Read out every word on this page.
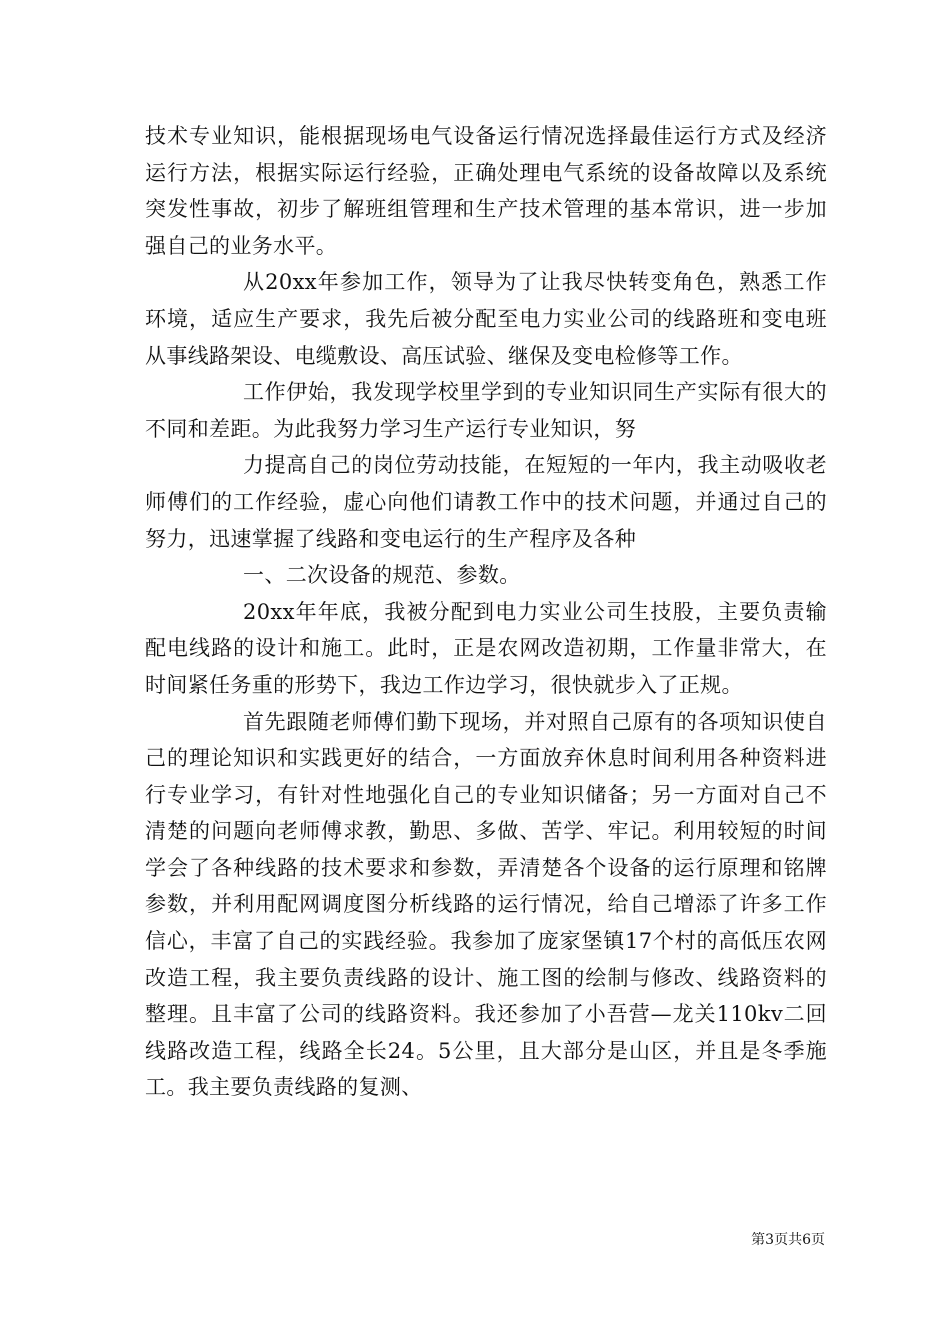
技术专业知识，能根据现场电气设备运行情况选择最佳运行方式及经济运行方法，根据实际运行经验，正确处理电气系统的设备故障以及系统突发性事故，初步了解班组管理和生产技术管理的基本常识，进一步加强自己的业务水平。

从20xx年参加工作，领导为了让我尽快转变角色，熟悉工作环境，适应生产要求，我先后被分配至电力实业公司的线路班和变电班从事线路架设、电缆敷设、高压试验、继保及变电检修等工作。

工作伊始，我发现学校里学到的专业知识同生产实际有很大的不同和差距。为此我努力学习生产运行专业知识，努

力提高自己的岗位劳动技能，在短短的一年内，我主动吸收老师傅们的工作经验，虚心向他们请教工作中的技术问题，并通过自己的努力，迅速掌握了线路和变电运行的生产程序及各种

一、二次设备的规范、参数。

20xx年年底，我被分配到电力实业公司生技股，主要负责输配电线路的设计和施工。此时，正是农网改造初期，工作量非常大，在时间紧任务重的形势下，我边工作边学习，很快就步入了正规。

首先跟随老师傅们勤下现场，并对照自己原有的各项知识使自己的理论知识和实践更好的结合，一方面放弃休息时间利用各种资料进行专业学习，有针对性地强化自己的专业知识储备；另一方面对自己不清楚的问题向老师傅求教，勤思、多做、苦学、牢记。利用较短的时间学会了各种线路的技术要求和参数，弄清楚各个设备的运行原理和铭牌参数，并利用配网调度图分析线路的运行情况，给自己增添了许多工作信心，丰富了自己的实践经验。我参加了庞家堡镇17个村的高低压农网改造工程，我主要负责线路的设计、施工图的绘制与修改、线路资料的整理。且丰富了公司的线路资料。我还参加了小吾营—龙关110kv二回线路改造工程，线路全长24。5公里，且大部分是山区，并且是冬季施工。我主要负责线路的复测、

第3页共6页
